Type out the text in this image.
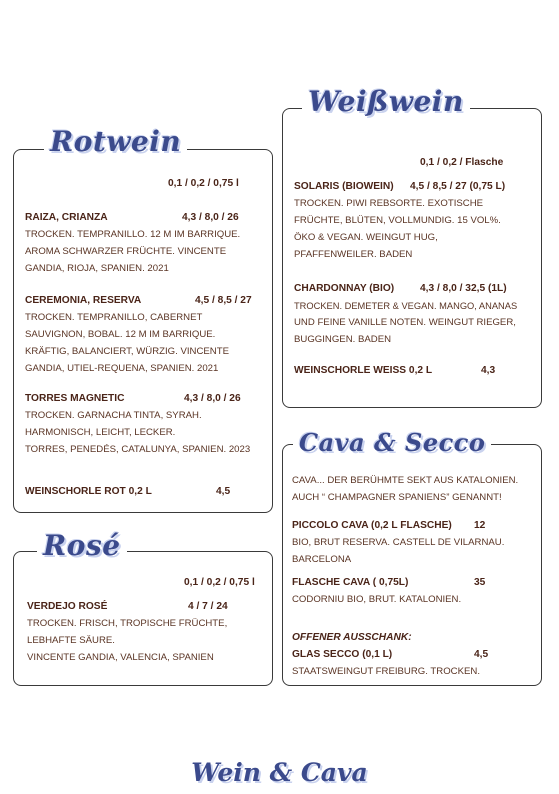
Rotwein
0,1 / 0,2 / 0,75 l
RAIZA, CRIANZA	4,3 / 8,0 / 26
TROCKEN. TEMPRANILLO. 12 M IM BARRIQUE.
AROMA SCHWARZER FRÜCHTE. VINCENTE
GANDIA, RIOJA, SPANIEN. 2021
CEREMONIA, RESERVA	4,5 / 8,5 / 27
TROCKEN. TEMPRANILLO, CABERNET
SAUVIGNON, BOBAL. 12 M IM BARRIQUE.
KRÄFTIG, BALANCIERT, WÜRZIG. VINCENTE
GANDIA, UTIEL-REQUENA, SPANIEN. 2021
TORRES MAGNETIC	4,3 / 8,0 / 26
TROCKEN. GARNACHA TINTA, SYRAH.
HARMONISCH, LEICHT, LECKER.
TORRES, PENEDÉS, CATALUNYA, SPANIEN. 2023
WEINSCHORLE ROT 0,2 L	4,5
Rosé
0,1 / 0,2 / 0,75 l
VERDEJO ROSÉ	4 / 7 / 24
TROCKEN. FRISCH, TROPISCHE FRÜCHTE,
LEBHAFTE SÄURE.
VINCENTE GANDIA, VALENCIA, SPANIEN
Weißwein
0,1 / 0,2 / Flasche
SOLARIS (BIOWEIN) 4,5 / 8,5 / 27 (0,75 L)
TROCKEN. PIWI REBSORTE. EXOTISCHE
FRÜCHTE, BLÜTEN, VOLLMUNDIG. 15 VOL%.
ÖKO & VEGAN. WEINGUT HUG,
PFAFFENWEILER. BADEN
CHARDONNAY (BIO)	4,3 / 8,0 / 32,5 (1L)
TROCKEN. DEMETER & VEGAN. MANGO, ANANAS
UND FEINE VANILLE NOTEN. WEINGUT RIEGER,
BUGGINGEN. BADEN
WEINSCHORLE WEISS 0,2 L	4,3
Cava & Secco
CAVA... DER BERÜHMTE SEKT AUS KATALONIEN.
AUCH “ CHAMPAGNER SPANIENS” GENANNT!
PICCOLO CAVA (0,2 L FLASCHE) 12
BIO, BRUT RESERVA. CASTELL DE VILARNAU.
BARCELONA
FLASCHE CAVA ( 0,75L)	35
CODORNIU BIO, BRUT. KATALONIEN.
OFFENER AUSSCHANK:
GLAS SECCO (0,1 L)	4,5
STAATSWEINGUT FREIBURG. TROCKEN.
Wein & Cava
